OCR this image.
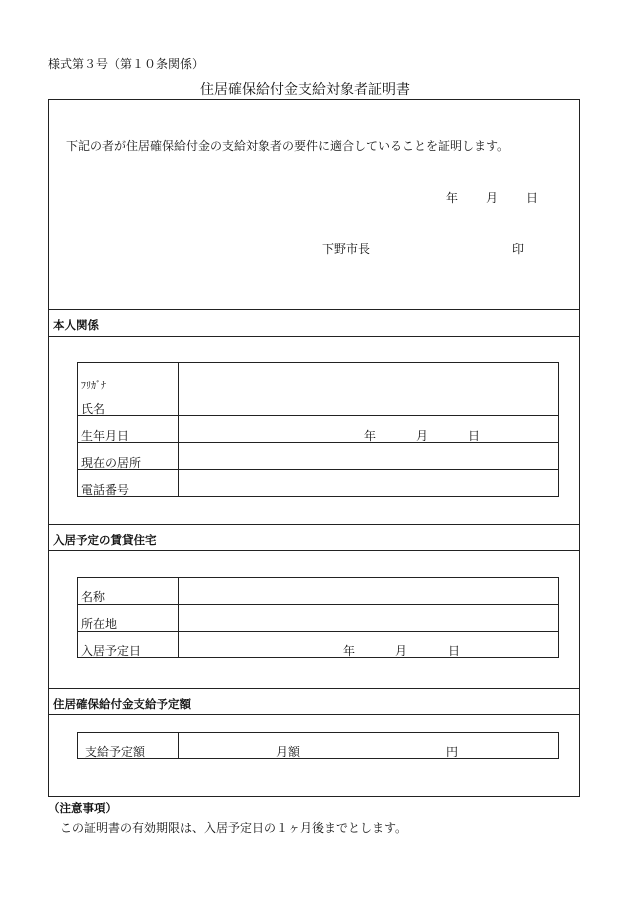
様式第３号（第１０条関係）
住居確保給付金支給対象者証明書
下記の者が住居確保給付金の支給対象者の要件に適合していることを証明します。
年 月 日
下野市長	印
本人関係
ﾌﾘｶﾞﾅ
氏名
生年月日	年	月	日
現在の居所
電話番号
入居予定の賃貸住宅
名称
所在地
入居予定日	年	月	日
住居確保給付金支給予定額
支給予定額	月額	円
（注意事項）
この証明書の有効期限は、入居予定日の１ヶ月後までとします。
